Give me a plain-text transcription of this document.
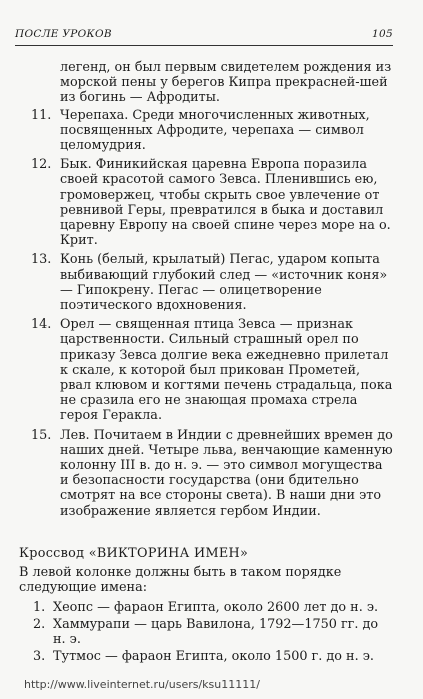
ПОСЛЕ УРОКОВ	105
легенд, он был первым свидетелем рождения из морской пены у берегов Кипра прекрасней-шей из богинь — Афродиты.
11. Черепаха. Среди многочисленных животных, посвященных Афродите, черепаха — символ целомудрия.
12. Бык. Финикийская царевна Европа поразила своей красотой самого Зевса. Пленившись ею, громовержец, чтобы скрыть свое увлечение от ревнивой Геры, превратился в быка и доставил царевну Европу на своей спине через море на о. Крит.
13. Конь (белый, крылатый) Пегас, ударом копыта выбивающий глубокий след — «источник коня» — Гипокрену. Пегас — олицетворение поэтического вдохновения.
14. Орел — священная птица Зевса — признак царственности. Сильный страшный орел по приказу Зевса долгие века ежедневно прилетал к скале, к которой был прикован Прометей, рвал клювом и когтями печень страдальца, пока не сразила его не знающая промаха стрела героя Геракла.
15. Лев. Почитаем в Индии с древнейших времен до наших дней. Четыре льва, венчающие каменную колонну III в. до н. э. — это символ могущества и безопасности государства (они бдительно смотрят на все стороны света). В наши дни это изображение является гербом Индии.
Кроссвод «ВИКТОРИНА ИМЕН»
В левой колонке должны быть в таком порядке следующие имена:
1. Хеопс — фараон Египта, около 2600 лет до н. э.
2. Хаммурапи — царь Вавилона, 1792—1750 гг. до н. э.
3. Тутмос — фараон Египта, около 1500 г. до н. э.
http://www.liveinternet.ru/users/ksu11111/
